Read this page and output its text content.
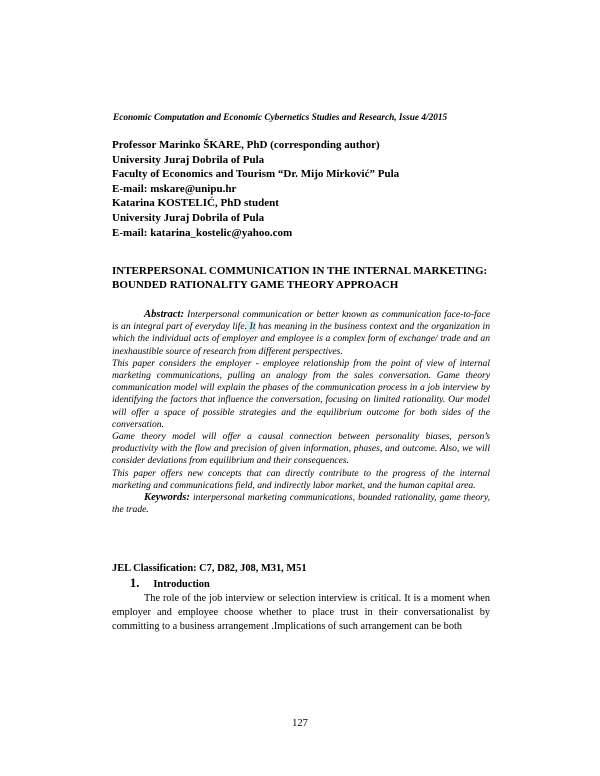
Economic Computation and Economic Cybernetics Studies and Research, Issue 4/2015
Professor Marinko ŠKARE, PhD (corresponding author)
University Juraj Dobrila of Pula
Faculty of Economics and Tourism “Dr. Mijo Mirković” Pula
E-mail: mskare@unipu.hr
Katarina KOSTELIĆ, PhD student
University Juraj Dobrila of Pula
E-mail: katarina_kostelic@yahoo.com
INTERPERSONAL COMMUNICATION IN THE INTERNAL MARKETING: BOUNDED RATIONALITY GAME THEORY APPROACH

Abstract: Interpersonal communication or better known as communication face-to-face is an integral part of everyday life. It has meaning in the business context and the organization in which the individual acts of employer and employee is a complex form of exchange/ trade and an inexhaustible source of research from different perspectives.

This paper considers the employer - employee relationship from the point of view of internal marketing communications, pulling an analogy from the sales conversation. Game theory communication model will explain the phases of the communication process in a job interview by identifying the factors that influence the conversation, focusing on limited rationality. Our model will offer a space of possible strategies and the equilibrium outcome for both sides of the conversation.

Game theory model will offer a causal connection between personality biases, person’s productivity with the flow and precision of given information, phases, and outcome. Also, we will consider deviations from equilibrium and their consequences.

This paper offers new concepts that can directly contribute to the progress of the internal marketing and communications field, and indirectly labor market, and the human capital area.

Keywords: interpersonal marketing communications, bounded rationality, game theory, the trade.

JEL Classification: C7, D82, J08, M31, M51
1. Introduction

The role of the job interview or selection interview is critical. It is a moment when employer and employee choose whether to place trust in their conversationalist by committing to a business arrangement .Implications of such arrangement can be both

127
